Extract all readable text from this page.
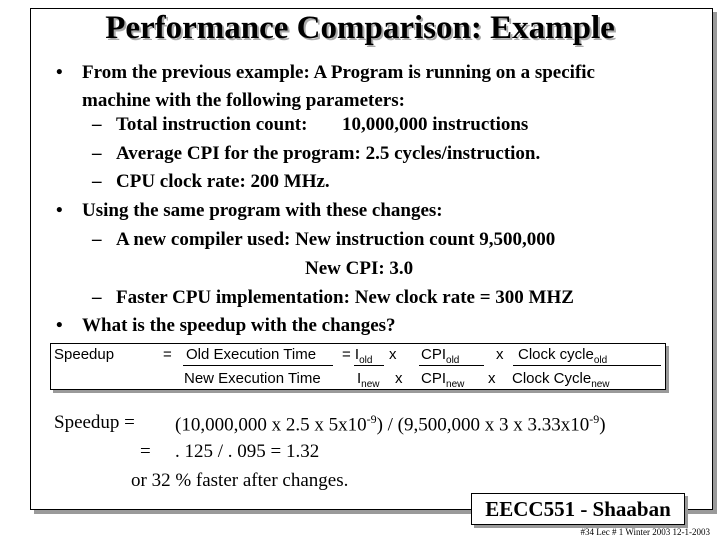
Performance Comparison: Example
• From the previous example: A Program is running on a specific
machine with the following parameters:
– Total instruction count: 10,000,000 instructions
– Average CPI for the program: 2.5 cycles/instruction.
– CPU clock rate: 200 MHz.
• Using the same program with these changes:
– A new compiler used: New instruction count 9,500,000
New CPI: 3.0
– Faster CPU implementation: New clock rate = 300 MHZ
• What is the speedup with the changes?
Speedup	= Old Execution Time = $I_{old}$ x $CPI_{old}$ x Clock cycle$_{old}$
New Execution Time $I_{new}$ x $CPI_{new}$ x Clock Cycle$_{new}$
Speedup = (10,000,000 x 2.5 x $5x10^{-9}) / (9,500,000$ x 3 x $3.33x10^{-9}$)
= . 125 / . 095 = 1.32
or 32 % faster after changes.
EECC551 - Shaaban
#34 Lec # 1 Winter 2003 12-1-2003
